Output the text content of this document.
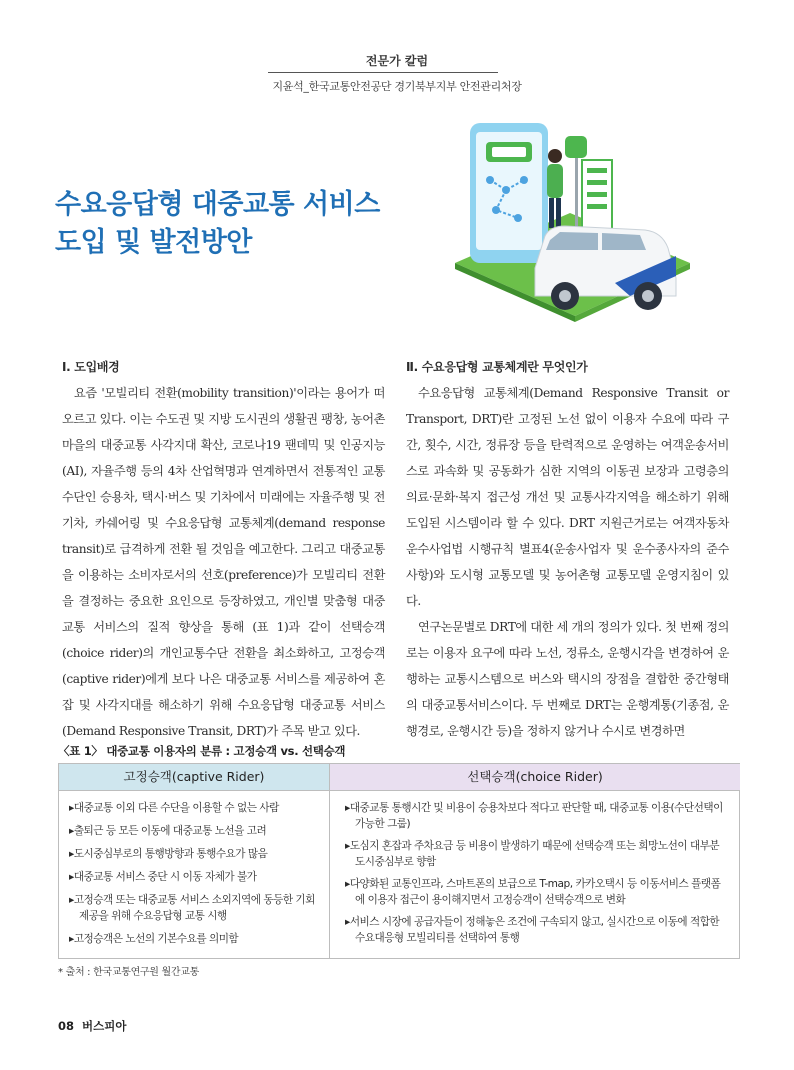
전문가 칼럼
지윤석_한국교통안전공단 경기북부지부 안전관리처장
수요응답형 대중교통 서비스
도입 및 발전방안
Ⅰ. 도입배경

요즘 '모빌리티 전환(mobility transition)'이라는 용어가 떠오르고 있다. 이는 수도권 및 지방 도시권의 생활권 팽창, 농어촌 마을의 대중교통 사각지대 확산, 코로나19 팬데믹 및 인공지능(AI), 자율주행 등의 4차 산업혁명과 연계하면서 전통적인 교통수단인 승용차, 택시·버스 및 기차에서 미래에는 자율주행 및 전기차, 카쉐어링 및 수요응답형 교통체계(demand response transit)로 급격하게 전환 될 것임을 예고한다. 그리고 대중교통을 이용하는 소비자로서의 선호(preference)가 모빌리티 전환을 결정하는 중요한 요인으로 등장하였고, 개인별 맞춤형 대중교통 서비스의 질적 향상을 통해 (표 1)과 같이 선택승객(choice rider)의 개인교통수단 전환을 최소화하고, 고정승객(captive rider)에게 보다 나은 대중교통 서비스를 제공하여 혼잡 및 사각지대를 해소하기 위해 수요응답형 대중교통 서비스(Demand Responsive Transit, DRT)가 주목 받고 있다.

Ⅱ. 수요응답형 교통체계란 무엇인가

수요응답형 교통체계(Demand Responsive Transit or Transport, DRT)란 고정된 노선 없이 이용자 수요에 따라 구간, 횟수, 시간, 정류장 등을 탄력적으로 운영하는 여객운송서비스로 과속화 및 공동화가 심한 지역의 이동권 보장과 고령층의 의료·문화·복지 접근성 개선 및 교통사각지역을 해소하기 위해 도입된 시스템이라 할 수 있다. DRT 지원근거로는 여객자동차운수사업법 시행규칙 별표4(운송사업자 및 운수종사자의 준수사항)와 도시형 교통모델 및 농어촌형 교통모델 운영지침이 있다.

연구논문별로 DRT에 대한 세 개의 정의가 있다. 첫 번째 정의로는 이용자 요구에 따라 노선, 정류소, 운행시각을 변경하여 운행하는 교통시스템으로 버스와 택시의 장점을 결합한 중간형태의 대중교통서비스이다. 두 번째로 DRT는 운행계통(기종점, 운행경로, 운행시간 등)을 정하지 않거나 수시로 변경하면

〈표 1〉 대중교통 이용자의 분류 : 고정승객 vs. 선택승객
고정승객(captive Rider)	선택승객(choice Rider)
▸대중교통 이외 다른 수단을 이용할 수 없는 사람
▸출퇴근 등 모든 이동에 대중교통 노선을 고려
▸도시중심부로의 통행방향과 통행수요가 많음
▸대중교통 서비스 중단 시 이동 자체가 불가
▸고정승객 또는 대중교통 서비스 소외지역에 동등한 기회 제공을 위해 수요응답형 교통 시행
▸고정승객은 노선의 기본수요를 의미함
▸대중교통 통행시간 및 비용이 승용차보다 적다고 판단할 때, 대중교통 이용(수단선택이 가능한 그룹)
▸도심지 혼잡과 주차요금 등 비용이 발생하기 때문에 선택승객 또는 희망노선이 대부분 도시중심부로 향함
▸다양화된 교통인프라, 스마트폰의 보급으로 T-map, 카카오택시 등 이동서비스 플랫폼에 이용자 접근이 용이해지면서 고정승객이 선택승객으로 변화
▸서비스 시장에 공급자들이 정해놓은 조건에 구속되지 않고, 실시간으로 이동에 적합한 수요대응형 모빌리티를 선택하여 통행
* 출처 : 한국교통연구원 월간교통
08 버스피아
